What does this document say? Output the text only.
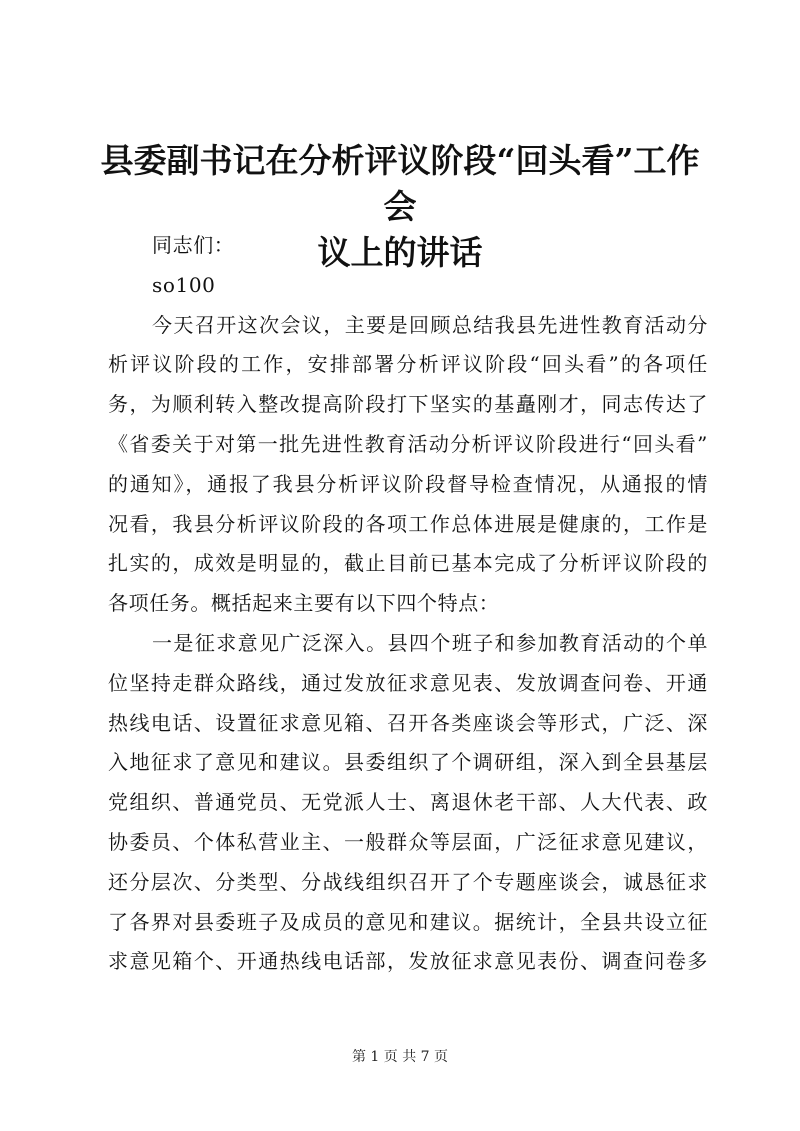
县委副书记在分析评议阶段“回头看”工作会
议上的讲话
同志们：
so100
今天召开这次会议，主要是回顾总结我县先进性教育活动分
析评议阶段的工作，安排部署分析评议阶段“回头看”的各项任
务，为顺利转入整改提高阶段打下坚实的基矗刚才，同志传达了
《省委关于对第一批先进性教育活动分析评议阶段进行“回头看”
的通知》，通报了我县分析评议阶段督导检查情况，从通报的情
况看，我县分析评议阶段的各项工作总体进展是健康的，工作是
扎实的，成效是明显的，截止目前已基本完成了分析评议阶段的
各项任务。概括起来主要有以下四个特点：
一是征求意见广泛深入。县四个班子和参加教育活动的个单
位坚持走群众路线，通过发放征求意见表、发放调查问卷、开通
热线电话、设置征求意见箱、召开各类座谈会等形式，广泛、深
入地征求了意见和建议。县委组织了个调研组，深入到全县基层
党组织、普通党员、无党派人士、离退休老干部、人大代表、政
协委员、个体私营业主、一般群众等层面，广泛征求意见建议，
还分层次、分类型、分战线组织召开了个专题座谈会，诚恳征求
了各界对县委班子及成员的意见和建议。据统计，全县共设立征
求意见箱个、开通热线电话部，发放征求意见表份、调查问卷多
第 1 页 共 7 页
